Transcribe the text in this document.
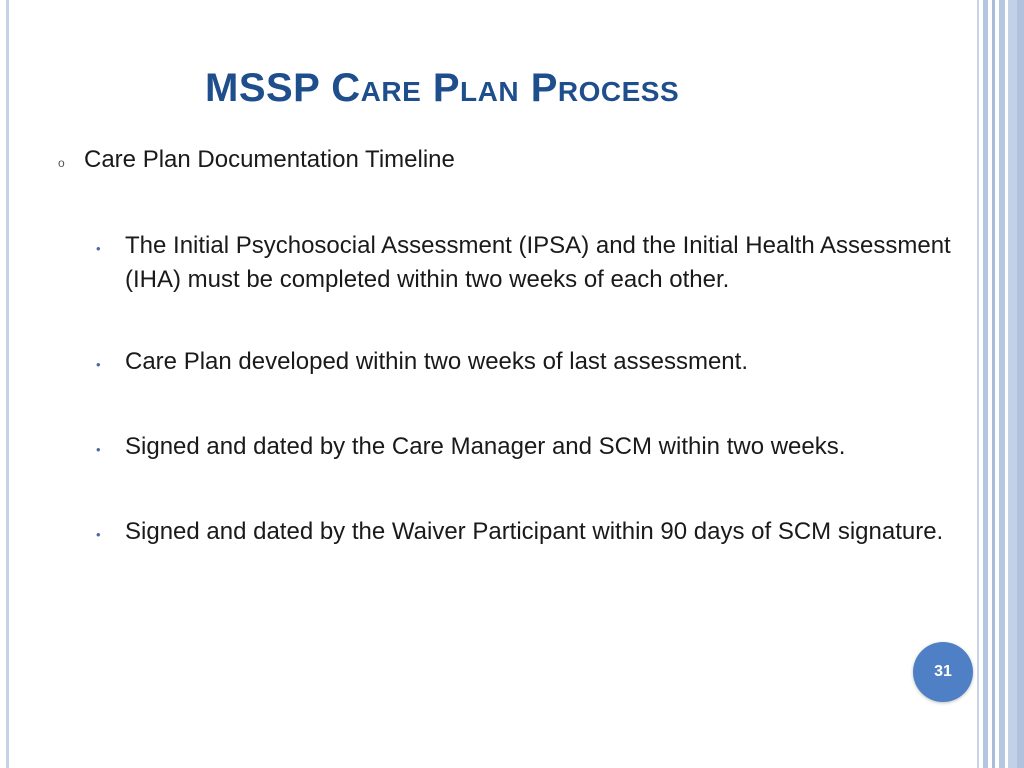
MSSP Care Plan Process
o Care Plan Documentation Timeline
•	The Initial Psychosocial Assessment (IPSA) and the Initial Health Assessment (IHA) must be completed within two weeks of each other.
•	Care Plan developed within two weeks of last assessment.
•	Signed and dated by the Care Manager and SCM within two weeks.
•	Signed and dated by the Waiver Participant within 90 days of SCM signature.
31
